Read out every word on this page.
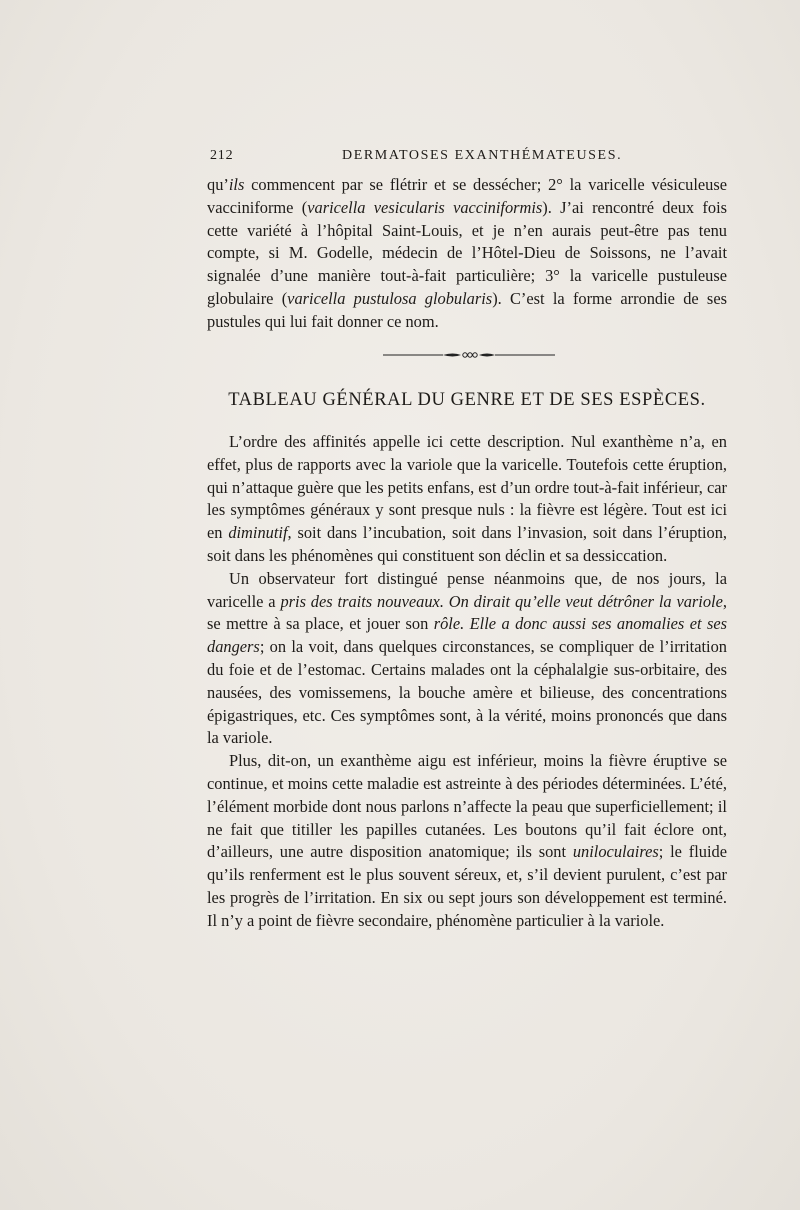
212	DERMATOSES EXANTHÉMATEUSES.

qu’ils commencent par se flétrir et se dessécher; 2° la varicelle vésiculeuse vacciniforme (varicella vesicularis vacciniformis). J’ai rencontré deux fois cette variété à l’hôpital Saint-Louis, et je n’en aurais peut-être pas tenu compte, si M. Godelle, médecin de l’Hôtel-Dieu de Soissons, ne l’avait signalée d’une manière tout-à-fait particulière; 3° la varicelle pustuleuse globulaire (varicella pustulosa globularis). C’est la forme arrondie de ses pustules qui lui fait donner ce nom.

TABLEAU GÉNÉRAL DU GENRE ET DE SES ESPÈCES.

L’ordre des affinités appelle ici cette description. Nul exanthème n’a, en effet, plus de rapports avec la variole que la varicelle. Toutefois cette éruption, qui n’attaque guère que les petits enfans, est d’un ordre tout-à-fait inférieur, car les symptômes généraux y sont presque nuls : la fièvre est légère. Tout est ici en diminutif, soit dans l’incubation, soit dans l’invasion, soit dans l’éruption, soit dans les phénomènes qui constituent son déclin et sa dessiccation.

Un observateur fort distingué pense néanmoins que, de nos jours, la varicelle a pris des traits nouveaux. On dirait qu’elle veut détrôner la variole, se mettre à sa place, et jouer son rôle. Elle a donc aussi ses anomalies et ses dangers; on la voit, dans quelques circonstances, se compliquer de l’irritation du foie et de l’estomac. Certains malades ont la céphalalgie sus-orbitaire, des nausées, des vomissemens, la bouche amère et bilieuse, des concentrations épigastriques, etc. Ces symptômes sont, à la vérité, moins prononcés que dans la variole.

Plus, dit-on, un exanthème aigu est inférieur, moins la fièvre éruptive se continue, et moins cette maladie est astreinte à des périodes déterminées. L’été, l’élément morbide dont nous parlons n’affecte la peau que superficiellement; il ne fait que titiller les papilles cutanées. Les boutons qu’il fait éclore ont, d’ailleurs, une autre disposition anatomique; ils sont uniloculaires; le fluide qu’ils renferment est le plus souvent séreux, et, s’il devient purulent, c’est par les progrès de l’irritation. En six ou sept jours son développement est terminé. Il n’y a point de fièvre secondaire, phénomène particulier à la variole.
